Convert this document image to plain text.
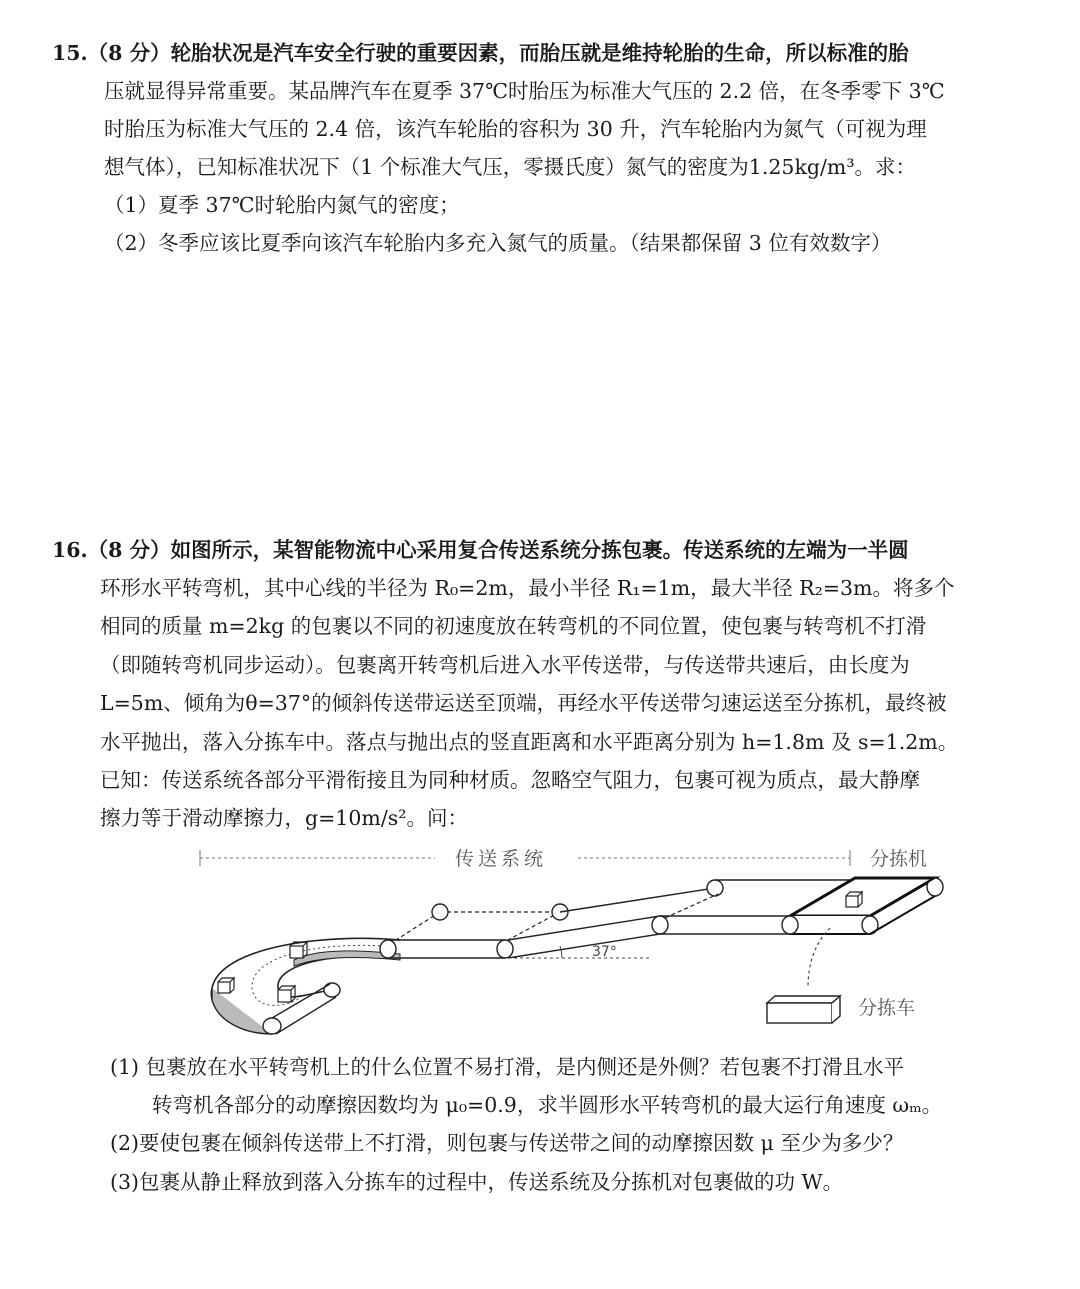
15.（8 分）轮胎状况是汽车安全行驶的重要因素，而胎压就是维持轮胎的生命，所以标准的胎
压就显得异常重要。某品牌汽车在夏季 37℃时胎压为标准大气压的 2.2 倍，在冬季零下 3℃
时胎压为标准大气压的 2.4 倍，该汽车轮胎的容积为 30 升，汽车轮胎内为氮气（可视为理
想气体），已知标准状况下（1 个标准大气压，零摄氏度）氮气的密度为1.25kg/m³。求：
（1）夏季 37℃时轮胎内氮气的密度；
（2）冬季应该比夏季向该汽车轮胎内多充入氮气的质量。（结果都保留 3 位有效数字）
16.（8 分）如图所示，某智能物流中心采用复合传送系统分拣包裹。传送系统的左端为一半圆
环形水平转弯机，其中心线的半径为 R₀=2m，最小半径 R₁=1m，最大半径 R₂=3m。将多个
相同的质量 m=2kg 的包裹以不同的初速度放在转弯机的不同位置，使包裹与转弯机不打滑
（即随转弯机同步运动）。包裹离开转弯机后进入水平传送带，与传送带共速后，由长度为
L=5m、倾角为θ=37°的倾斜传送带运送至顶端，再经水平传送带匀速运送至分拣机，最终被
水平抛出，落入分拣车中。落点与抛出点的竖直距离和水平距离分别为 h=1.8m 及 s=1.2m。
已知：传送系统各部分平滑衔接且为同种材质。忽略空气阻力，包裹可视为质点，最大静摩
擦力等于滑动摩擦力，g=10m/s²。问：
传送系统	分拣机
37°
分拣车
(1) 包裹放在水平转弯机上的什么位置不易打滑，是内侧还是外侧？若包裹不打滑且水平
转弯机各部分的动摩擦因数均为 μ₀=0.9，求半圆形水平转弯机的最大运行角速度 ωₘ。
(2)要使包裹在倾斜传送带上不打滑，则包裹与传送带之间的动摩擦因数 μ 至少为多少？
(3)包裹从静止释放到落入分拣车的过程中，传送系统及分拣机对包裹做的功 W。
